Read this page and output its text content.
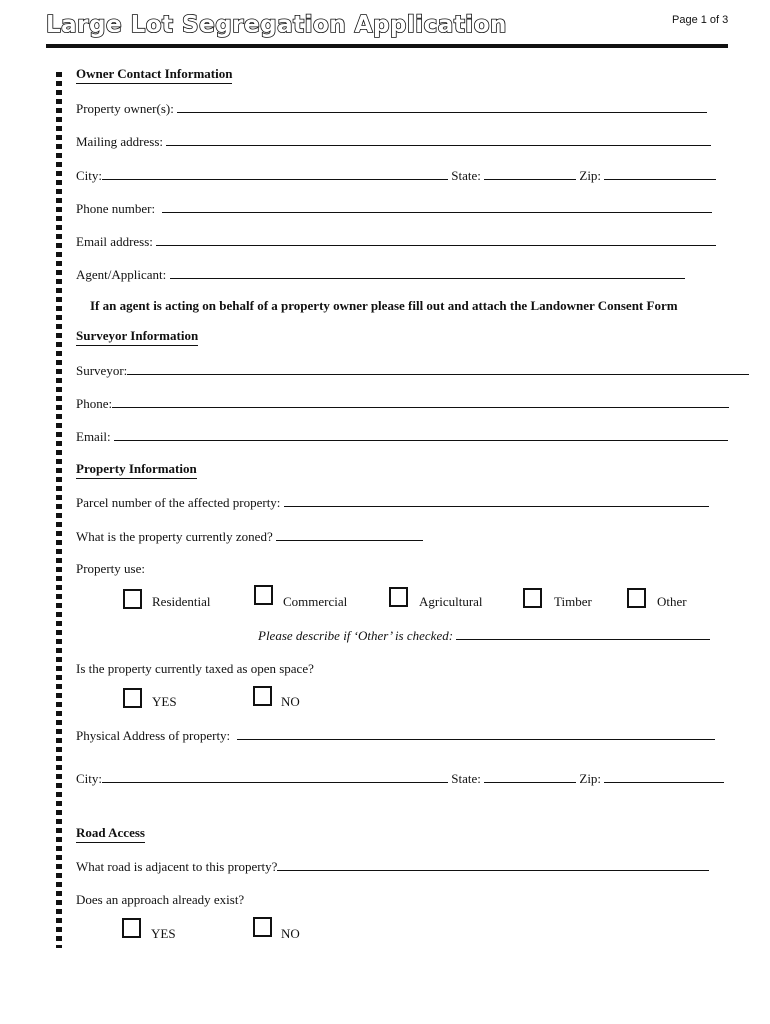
Large Lot Segregation Application	Page 1 of 3
Owner Contact Information
Property owner(s):
Mailing address:
City:	State:	Zip:
Phone number:
Email address:
Agent/Applicant:
If an agent is acting on behalf of a property owner please fill out and attach the Landowner Consent Form
Surveyor Information
Surveyor:
Phone:
Email:
Property Information
Parcel number of the affected property:
What is the property currently zoned?
Property use:
Residential	Commercial	Agricultural	Timber	Other
Please describe if ‘Other’ is checked:
Is the property currently taxed as open space?
YES	NO
Physical Address of property:
City:	State:	Zip:
Road Access
What road is adjacent to this property?
Does an approach already exist?
YES	NO
